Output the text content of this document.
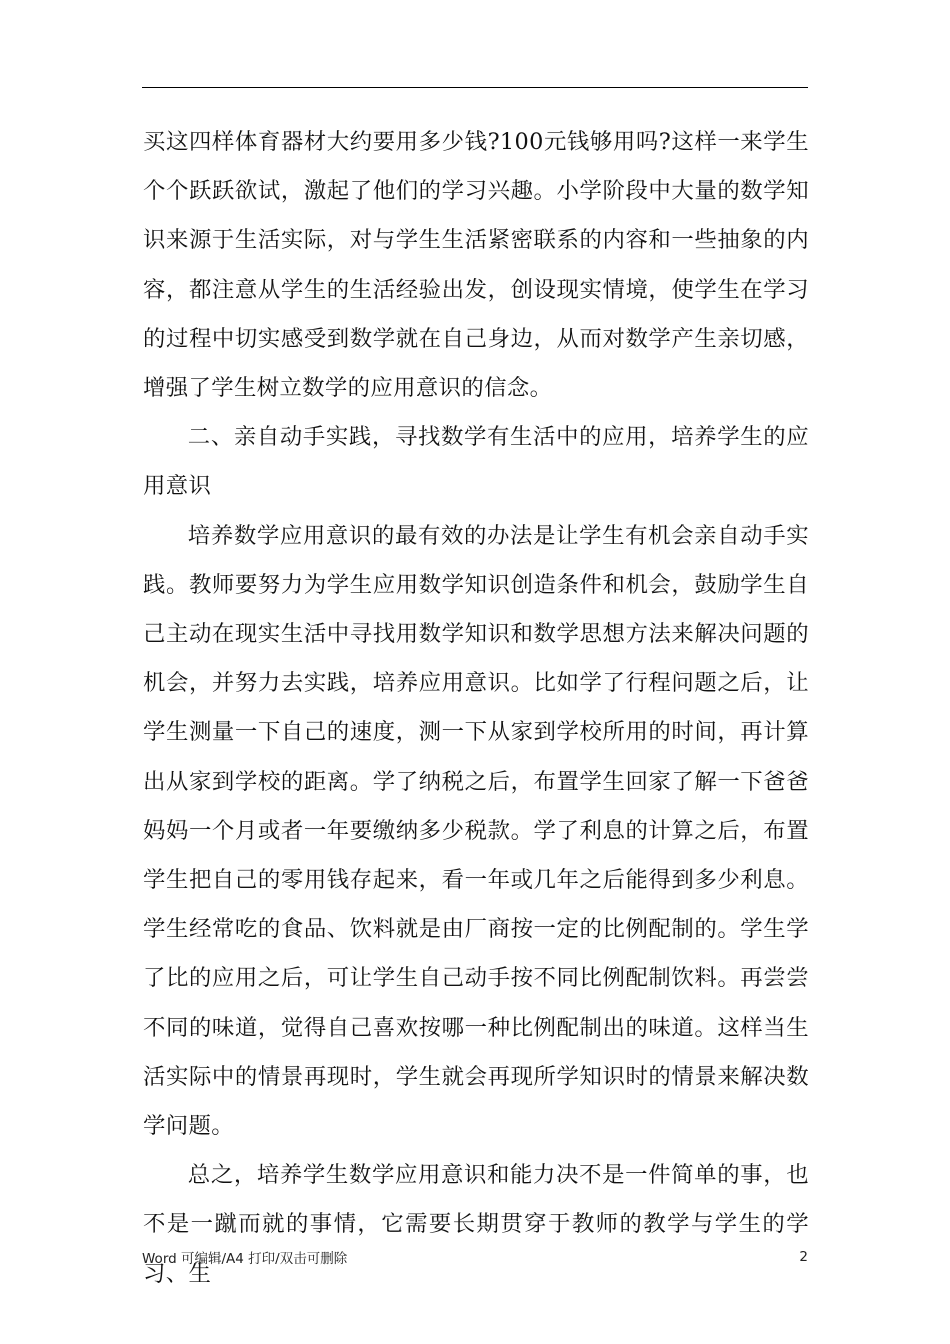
买这四样体育器材大约要用多少钱?100元钱够用吗?这样一来学生个个跃跃欲试，激起了他们的学习兴趣。小学阶段中大量的数学知识来源于生活实际，对与学生生活紧密联系的内容和一些抽象的内容，都注意从学生的生活经验出发，创设现实情境，使学生在学习的过程中切实感受到数学就在自己身边，从而对数学产生亲切感，增强了学生树立数学的应用意识的信念。

二、亲自动手实践，寻找数学有生活中的应用，培养学生的应用意识

培养数学应用意识的最有效的办法是让学生有机会亲自动手实践。教师要努力为学生应用数学知识创造条件和机会，鼓励学生自己主动在现实生活中寻找用数学知识和数学思想方法来解决问题的机会，并努力去实践，培养应用意识。比如学了行程问题之后，让学生测量一下自己的速度，测一下从家到学校所用的时间，再计算出从家到学校的距离。学了纳税之后，布置学生回家了解一下爸爸妈妈一个月或者一年要缴纳多少税款。学了利息的计算之后，布置学生把自己的零用钱存起来，看一年或几年之后能得到多少利息。学生经常吃的食品、饮料就是由厂商按一定的比例配制的。学生学了比的应用之后，可让学生自己动手按不同比例配制饮料。再尝尝不同的味道，觉得自己喜欢按哪一种比例配制出的味道。这样当生活实际中的情景再现时，学生就会再现所学知识时的情景来解决数学问题。

总之，培养学生数学应用意识和能力决不是一件简单的事，也不是一蹴而就的事情，它需要长期贯穿于教师的教学与学生的学习、生

Word 可编辑/A4 打印/双击可删除	2
